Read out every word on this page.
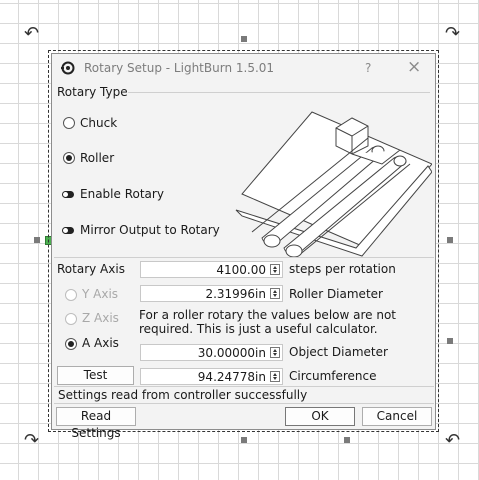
↶	↷
↷	↶
Rotary Setup - LightBurn 1.5.01	? ×
Rotary Type
Chuck
Roller
Enable Rotary
Mirror Output to Rotary
Rotary Axis
Y Axis
Z Axis
A Axis
Test
4100.00 steps per rotation
2.31996in Roller Diameter
For a roller rotary the values below are not required. This is just a useful calculator.
30.00000in Object Diameter
94.24778in Circumference
Settings read from controller successfully
Read Settings
OK	Cancel
